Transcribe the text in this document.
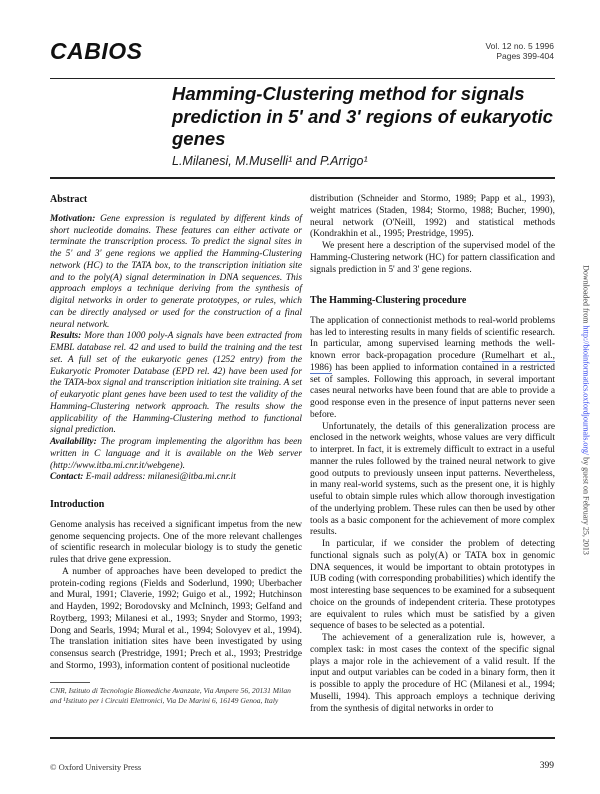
CABIOS	Vol. 12 no. 5 1996
Pages 399-404
Hamming-Clustering method for signals prediction in 5' and 3' regions of eukaryotic genes
L.Milanesi, M.Muselli¹ and P.Arrigo¹
Abstract

Motivation: Gene expression is regulated by different kinds of short nucleotide domains. These features can either activate or terminate the transcription process. To predict the signal sites in the 5' and 3' gene regions we applied the Hamming-Clustering network (HC) to the TATA box, to the transcription initiation site and to the poly(A) signal determination in DNA sequences. This approach employs a technique deriving from the synthesis of digital networks in order to generate prototypes, or rules, which can be directly analysed or used for the construction of a final neural network.

Results: More than 1000 poly-A signals have been extracted from EMBL database rel. 42 and used to build the training and the test set. A full set of the eukaryotic genes (1252 entry) from the Eukaryotic Promoter Database (EPD rel. 42) have been used for the TATA-box signal and transcription initiation site training. A set of eukaryotic plant genes have been used to test the validity of the Hamming-Clustering network approach. The results show the applicability of the Hamming-Clustering method to functional signal prediction.

Availability: The program implementing the algorithm has been written in C language and it is available on the Web server (http://www.itba.mi.cnr.it/webgene).

Contact: E-mail address: milanesi@itba.mi.cnr.it

Introduction

Genome analysis has received a significant impetus from the new genome sequencing projects. One of the more relevant challenges of scientific research in molecular biology is to study the genetic rules that drive gene expression.

A number of approaches have been developed to predict the protein-coding regions (Fields and Soderlund, 1990; Uberbacher and Mural, 1991; Claverie, 1992; Guigo et al., 1992; Hutchinson and Hayden, 1992; Borodovsky and McIninch, 1993; Gelfand and Roytberg, 1993; Milanesi et al., 1993; Snyder and Stormo, 1993; Dong and Searls, 1994; Mural et al., 1994; Solovyev et al., 1994). The translation initiation sites have been investigated by using consensus search (Prestridge, 1991; Prech et al., 1993; Prestridge and Stormo, 1993), information content of positional nucleotide

CNR, Istituto di Tecnologie Biomediche Avanzate, Via Ampere 56, 20131 Milan and ¹Istituto per i Circuiti Elettronici, Via De Marini 6, 16149 Genoa, Italy

distribution (Schneider and Stormo, 1989; Papp et al., 1993), weight matrices (Staden, 1984; Stormo, 1988; Bucher, 1990), neural network (O'Neill, 1992) and statistical methods (Kondrakhin et al., 1995; Prestridge, 1995).

We present here a description of the supervised model of the Hamming-Clustering network (HC) for pattern classification and signals prediction in 5' and 3' gene regions.

The Hamming-Clustering procedure

The application of connectionist methods to real-world problems has led to interesting results in many fields of scientific research. In particular, among supervised learning methods the well-known error back-propagation procedure (Rumelhart et al., 1986) has been applied to information contained in a restricted set of samples. Following this approach, in several important cases neural networks have been found that are able to provide a good response even in the presence of input patterns never seen before.

Unfortunately, the details of this generalization process are enclosed in the network weights, whose values are very difficult to interpret. In fact, it is extremely difficult to extract in a useful manner the rules followed by the trained neural network to give good outputs to previously unseen input patterns. Nevertheless, in many real-world systems, such as the present one, it is highly useful to obtain simple rules which allow thorough investigation of the underlying problem. These rules can then be used by other tools as a basic component for the achievement of more complex results.

In particular, if we consider the problem of detecting functional signals such as poly(A) or TATA box in genomic DNA sequences, it would be important to obtain prototypes in IUB coding (with corresponding probabilities) which identify the most interesting base sequences to be examined for a subsequent choice on the grounds of independent criteria. These prototypes are equivalent to rules which must be satisfied by a given sequence of bases to be selected as a potential.

The achievement of a generalization rule is, however, a complex task: in most cases the context of the specific signal plays a major role in the achievement of a valid result. If the input and output variables can be coded in a binary form, then it is possible to apply the procedure of HC (Milanesi et al., 1994; Muselli, 1994). This approach employs a technique deriving from the synthesis of digital networks in order to

© Oxford University Press	399
Downloaded from http://bioinformatics.oxfordjournals.org/ by guest on February 25, 2013
